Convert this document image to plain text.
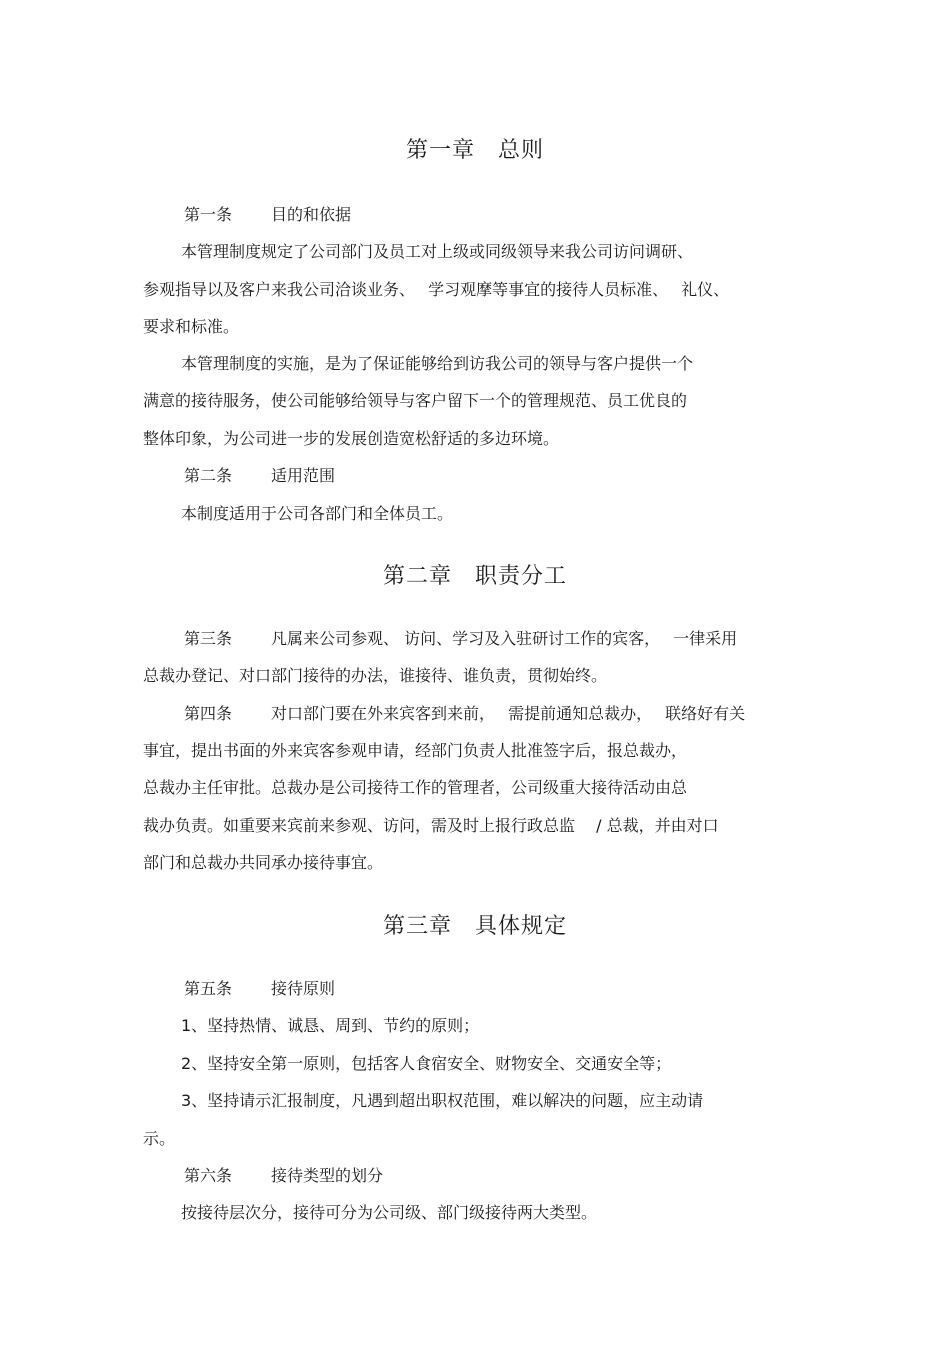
第一章　总则
第一条 目的和依据
本管理制度规定了公司部门及员工对上级或同级领导来我公司访问调研、
参观指导以及客户来我公司洽谈业务、　 学习观摩等事宜的接待人员标准、　 礼仪、
要求和标准。
本管理制度的实施，是为了保证能够给到访我公司的领导与客户提供一个
满意的接待服务，使公司能够给领导与客户留下一个的管理规范、员工优良的
整体印象，为公司进一步的发展创造宽松舒适的多边环境。
第二条 适用范围
本制度适用于公司各部门和全体员工。
第二章　职责分工
第三条 凡属来公司参观、 访问、学习及入驻研讨工作的宾客，　 一律采用
总裁办登记、对口部门接待的办法，谁接待、谁负责，贯彻始终。
第四条 对口部门要在外来宾客到来前，　 需提前通知总裁办，　 联络好有关
事宜，提出书面的外来宾客参观申请，经部门负责人批准签字后，报总裁办，
总裁办主任审批。总裁办是公司接待工作的管理者，公司级重大接待活动由总
裁办负责。如重要来宾前来参观、访问，需及时上报行政总监　 / 总裁，并由对口
部门和总裁办共同承办接待事宜。
第三章　具体规定
第五条 接待原则
1、坚持热情、诚恳、周到、节约的原则；
2、坚持安全第一原则，包括客人食宿安全、财物安全、交通安全等；
3、坚持请示汇报制度，凡遇到超出职权范围，难以解决的问题，应主动请
示。
第六条 接待类型的划分
按接待层次分，接待可分为公司级、部门级接待两大类型。
